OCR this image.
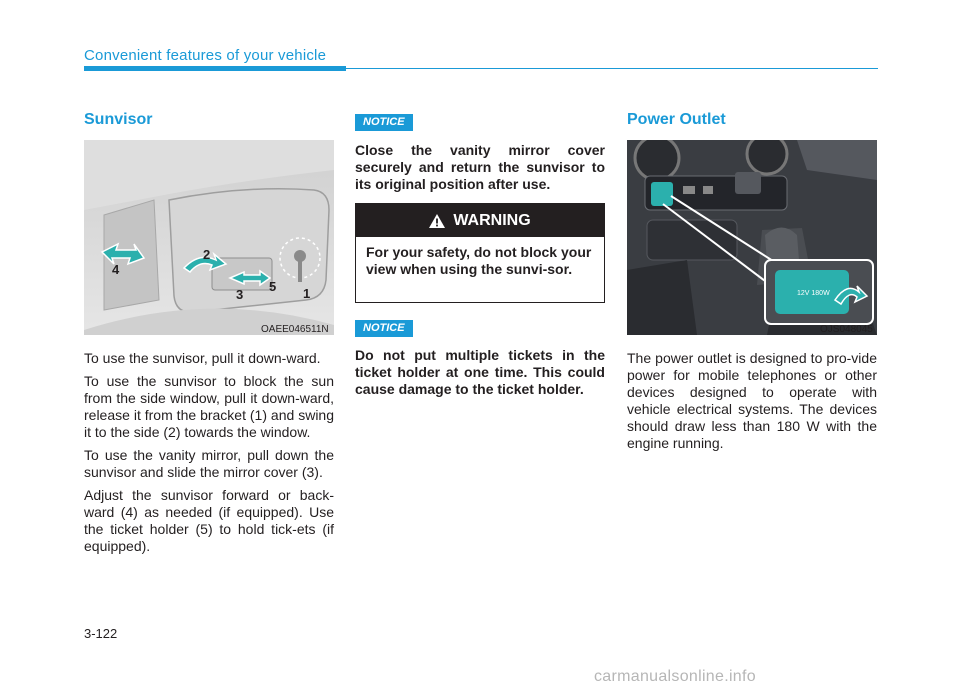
Convenient features of your vehicle
Sunvisor
1
2
3
4
5
OAEE046511N

To use the sunvisor, pull it down-ward.

To use the sunvisor to block the sun from the side window, pull it down-ward, release it from the bracket (1) and swing it to the side (2) towards the window.

To use the vanity mirror, pull down the sunvisor and slide the mirror cover (3).

Adjust the sunvisor forward or back-ward (4) as needed (if equipped). Use the ticket holder (5) to hold tick-ets (if equipped).

NOTICE

Close the vanity mirror cover securely and return the sunvisor to its original position after use.

WARNING
For your safety, do not block your view when using the sunvi-sor.
NOTICE

Do not put multiple tickets in the ticket holder at one time. This could cause damage to the ticket holder.

Power Outlet
12V 180W
OJS048045

The power outlet is designed to pro-vide power for mobile telephones or other devices designed to operate with vehicle electrical systems. The devices should draw less than 180 W with the engine running.

3-122
carmanualsonline.info
